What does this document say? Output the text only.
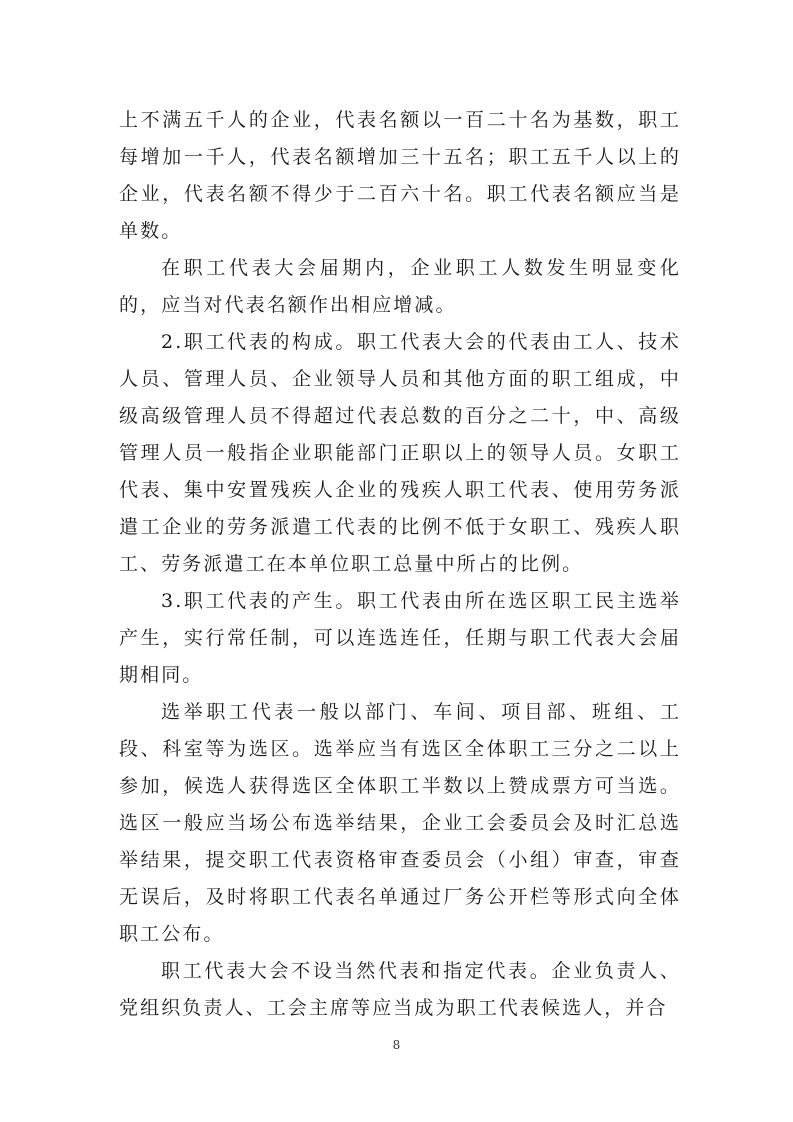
上不满五千人的企业，代表名额以一百二十名为基数，职工每增加一千人，代表名额增加三十五名；职工五千人以上的企业，代表名额不得少于二百六十名。职工代表名额应当是单数。

在职工代表大会届期内，企业职工人数发生明显变化的，应当对代表名额作出相应增减。

2.职工代表的构成。职工代表大会的代表由工人、技术人员、管理人员、企业领导人员和其他方面的职工组成，中级高级管理人员不得超过代表总数的百分之二十，中、高级管理人员一般指企业职能部门正职以上的领导人员。女职工代表、集中安置残疾人企业的残疾人职工代表、使用劳务派遣工企业的劳务派遣工代表的比例不低于女职工、残疾人职工、劳务派遣工在本单位职工总量中所占的比例。

3.职工代表的产生。职工代表由所在选区职工民主选举产生，实行常任制，可以连选连任，任期与职工代表大会届期相同。

选举职工代表一般以部门、车间、项目部、班组、工段、科室等为选区。选举应当有选区全体职工三分之二以上参加，候选人获得选区全体职工半数以上赞成票方可当选。选区一般应当场公布选举结果，企业工会委员会及时汇总选举结果，提交职工代表资格审查委员会（小组）审查，审查无误后，及时将职工代表名单通过厂务公开栏等形式向全体职工公布。

职工代表大会不设当然代表和指定代表。企业负责人、党组织负责人、工会主席等应当成为职工代表候选人，并合

8
